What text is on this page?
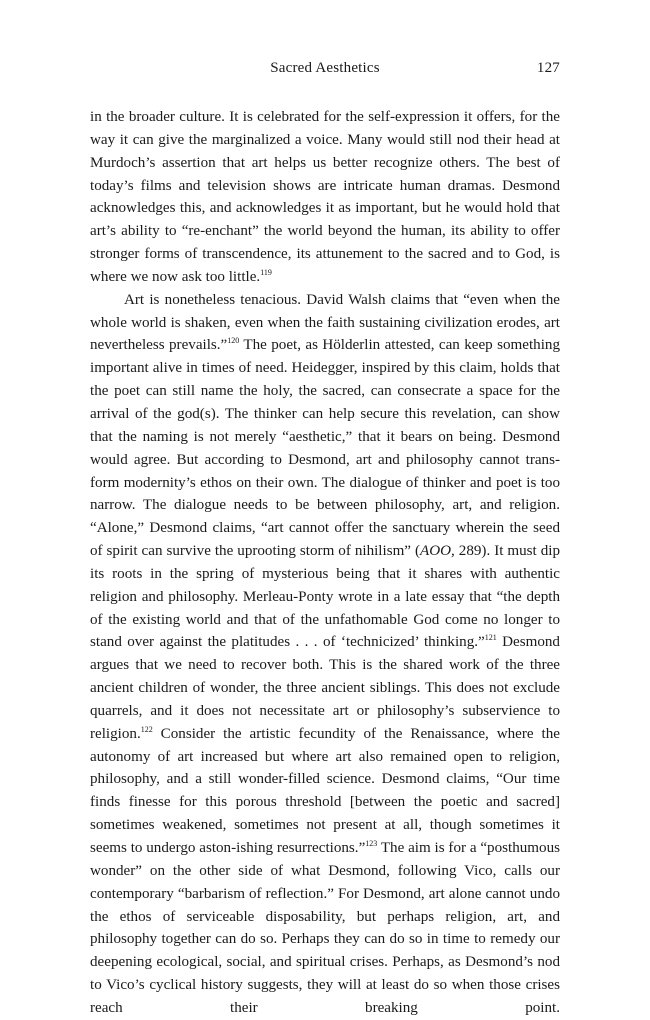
Sacred Aesthetics	127

in the broader culture. It is celebrated for the self-expression it offers, for the way it can give the marginalized a voice. Many would still nod their head at Murdoch’s assertion that art helps us better recognize others. The best of today’s films and television shows are intricate human dramas. Desmond acknowledges this, and acknowledges it as important, but he would hold that art’s ability to “re-enchant” the world beyond the human, its ability to offer stronger forms of transcendence, its attunement to the sacred and to God, is where we now ask too little.$^{119}$

Art is nonetheless tenacious. David Walsh claims that “even when the whole world is shaken, even when the faith sustaining civilization erodes, art nevertheless prevails.”$^{120}$ The poet, as Hölderlin attested, can keep something important alive in times of need. Heidegger, inspired by this claim, holds that the poet can still name the holy, the sacred, can consecrate a space for the arrival of the god(s). The thinker can help secure this revelation, can show that the naming is not merely “aesthetic,” that it bears on being. Desmond would agree. But according to Desmond, art and philosophy cannot trans-form modernity’s ethos on their own. The dialogue of thinker and poet is too narrow. The dialogue needs to be between philosophy, art, and religion. “Alone,” Desmond claims, “art cannot offer the sanctuary wherein the seed of spirit can survive the uprooting storm of nihilism” (AOO, 289). It must dip its roots in the spring of mysterious being that it shares with authentic religion and philosophy. Merleau-Ponty wrote in a late essay that “the depth of the existing world and that of the unfathomable God come no longer to stand over against the platitudes . . . of ‘technicized’ thinking.”$^{121}$ Desmond argues that we need to recover both. This is the shared work of the three ancient children of wonder, the three ancient siblings. This does not exclude quarrels, and it does not necessitate art or philosophy’s subservience to religion.$^{122}$ Consider the artistic fecundity of the Renaissance, where the autonomy of art increased but where art also remained open to religion, philosophy, and a still wonder-filled science. Desmond claims, “Our time finds finesse for this porous threshold [between the poetic and sacred] sometimes weakened, sometimes not present at all, though sometimes it seems to undergo aston-ishing resurrections.”$^{123}$ The aim is for a “posthumous wonder” on the other side of what Desmond, following Vico, calls our contemporary “barbarism of reflection.” For Desmond, art alone cannot undo the ethos of serviceable disposability, but perhaps religion, art, and philosophy together can do so. Perhaps they can do so in time to remedy our deepening ecological, social, and spiritual crises. Perhaps, as Desmond’s nod to Vico’s cyclical history suggests, they will at least do so when those crises reach their breaking point.
